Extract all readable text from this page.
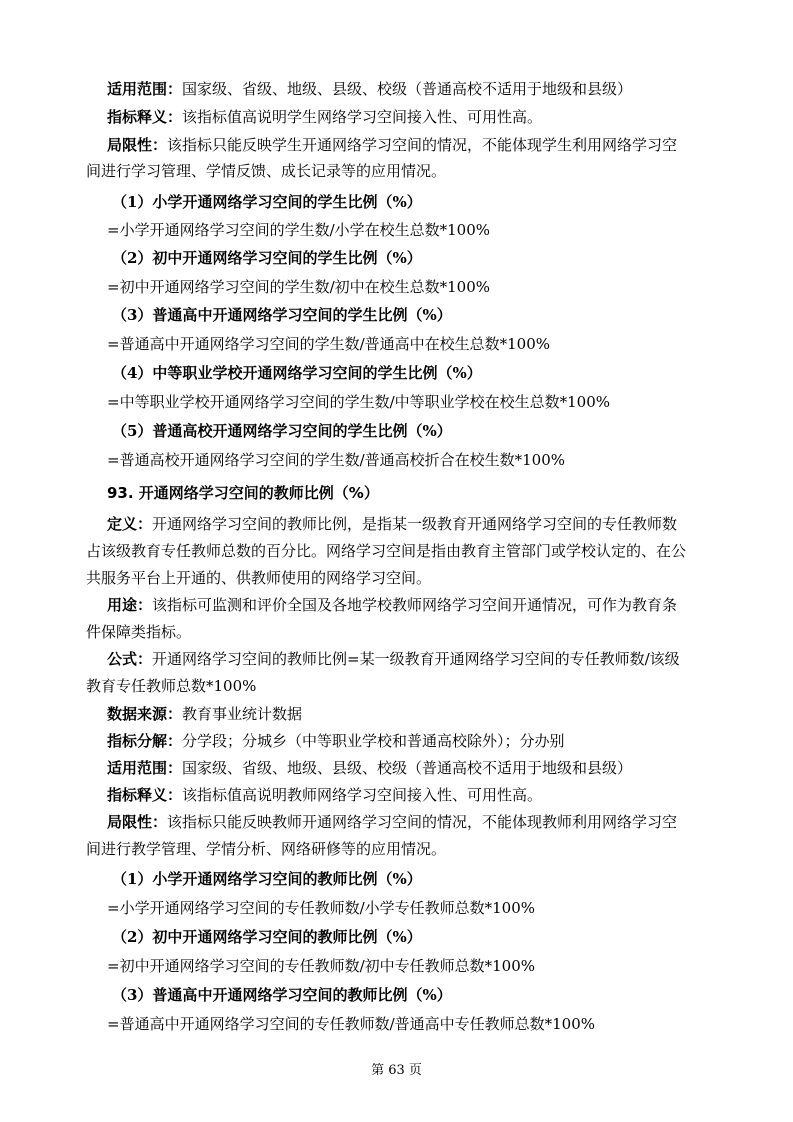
适用范围：国家级、省级、地级、县级、校级（普通高校不适用于地级和县级）
指标释义：该指标值高说明学生网络学习空间接入性、可用性高。
局限性：该指标只能反映学生开通网络学习空间的情况，不能体现学生利用网络学习空
间进行学习管理、学情反馈、成长记录等的应用情况。
（1）小学开通网络学习空间的学生比例（%）
=小学开通网络学习空间的学生数/小学在校生总数*100%
（2）初中开通网络学习空间的学生比例（%）
=初中开通网络学习空间的学生数/初中在校生总数*100%
（3）普通高中开通网络学习空间的学生比例（%）
=普通高中开通网络学习空间的学生数/普通高中在校生总数*100%
（4）中等职业学校开通网络学习空间的学生比例（%）
=中等职业学校开通网络学习空间的学生数/中等职业学校在校生总数*100%
（5）普通高校开通网络学习空间的学生比例（%）
=普通高校开通网络学习空间的学生数/普通高校折合在校生数*100%
93. 开通网络学习空间的教师比例（%）
定义：开通网络学习空间的教师比例，是指某一级教育开通网络学习空间的专任教师数
占该级教育专任教师总数的百分比。网络学习空间是指由教育主管部门或学校认定的、在公
共服务平台上开通的、供教师使用的网络学习空间。
用途：该指标可监测和评价全国及各地学校教师网络学习空间开通情况，可作为教育条
件保障类指标。
公式：开通网络学习空间的教师比例=某一级教育开通网络学习空间的专任教师数/该级
教育专任教师总数*100%
数据来源：教育事业统计数据
指标分解：分学段；分城乡（中等职业学校和普通高校除外）；分办别
适用范围：国家级、省级、地级、县级、校级（普通高校不适用于地级和县级）
指标释义：该指标值高说明教师网络学习空间接入性、可用性高。
局限性：该指标只能反映教师开通网络学习空间的情况，不能体现教师利用网络学习空
间进行教学管理、学情分析、网络研修等的应用情况。
（1）小学开通网络学习空间的教师比例（%）
=小学开通网络学习空间的专任教师数/小学专任教师总数*100%
（2）初中开通网络学习空间的教师比例（%）
=初中开通网络学习空间的专任教师数/初中专任教师总数*100%
（3）普通高中开通网络学习空间的教师比例（%）
=普通高中开通网络学习空间的专任教师数/普通高中专任教师总数*100%
第 63 页
